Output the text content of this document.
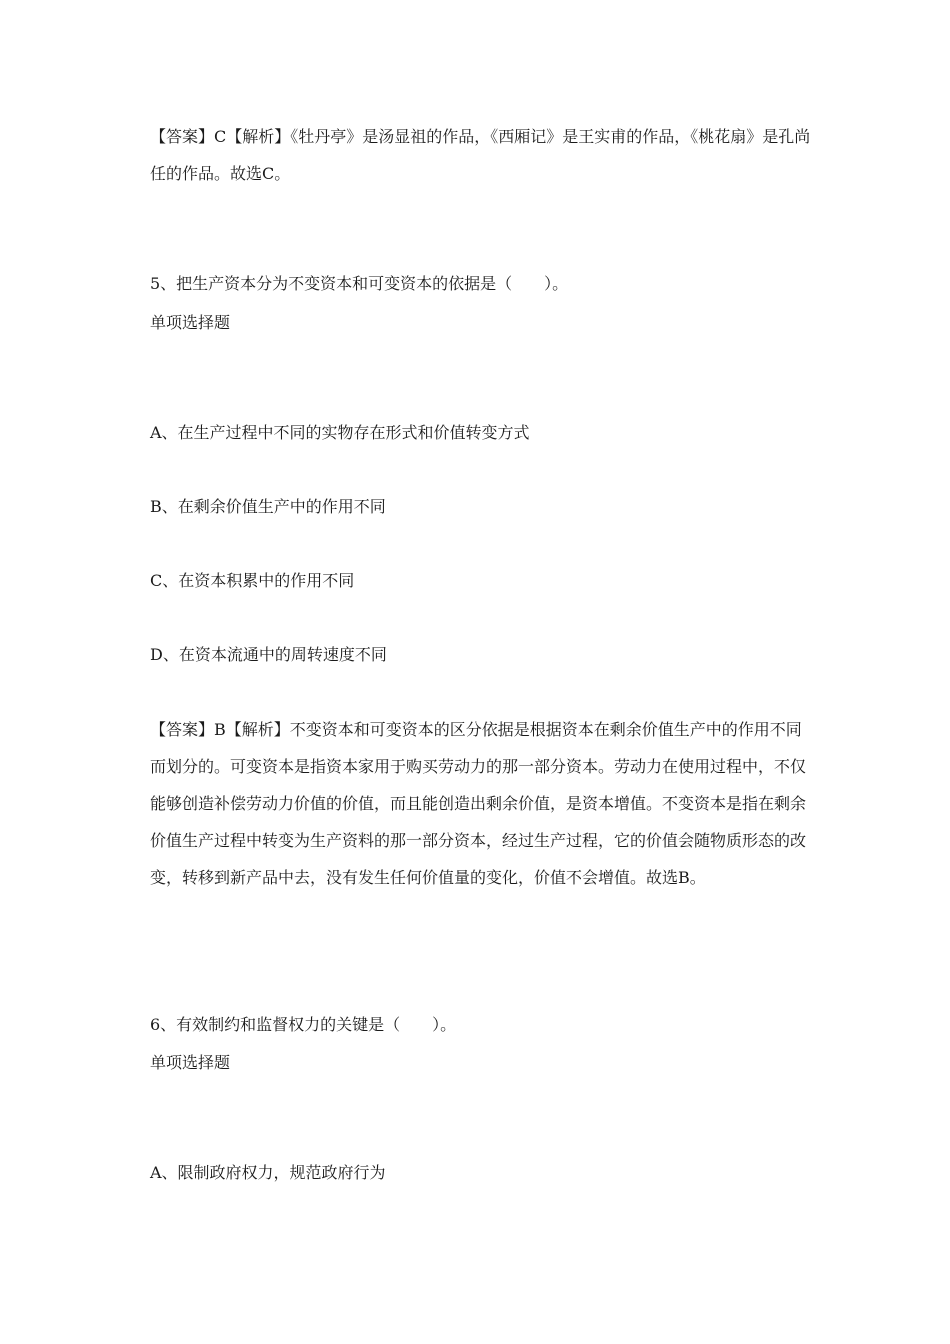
【答案】C【解析】《牡丹亭》是汤显祖的作品，《西厢记》是王实甫的作品，《桃花扇》是孔尚任的作品。故选C。
5、把生产资本分为不变资本和可变资本的依据是（　　）。
单项选择题
A、在生产过程中不同的实物存在形式和价值转变方式
B、在剩余价值生产中的作用不同
C、在资本积累中的作用不同
D、在资本流通中的周转速度不同
【答案】B【解析】不变资本和可变资本的区分依据是根据资本在剩余价值生产中的作用不同而划分的。可变资本是指资本家用于购买劳动力的那一部分资本。劳动力在使用过程中，不仅能够创造补偿劳动力价值的价值，而且能创造出剩余价值，是资本增值。不变资本是指在剩余价值生产过程中转变为生产资料的那一部分资本，经过生产过程，它的价值会随物质形态的改变，转移到新产品中去，没有发生任何价值量的变化，价值不会增值。故选B。
6、有效制约和监督权力的关键是（　　）。
单项选择题
A、限制政府权力，规范政府行为
